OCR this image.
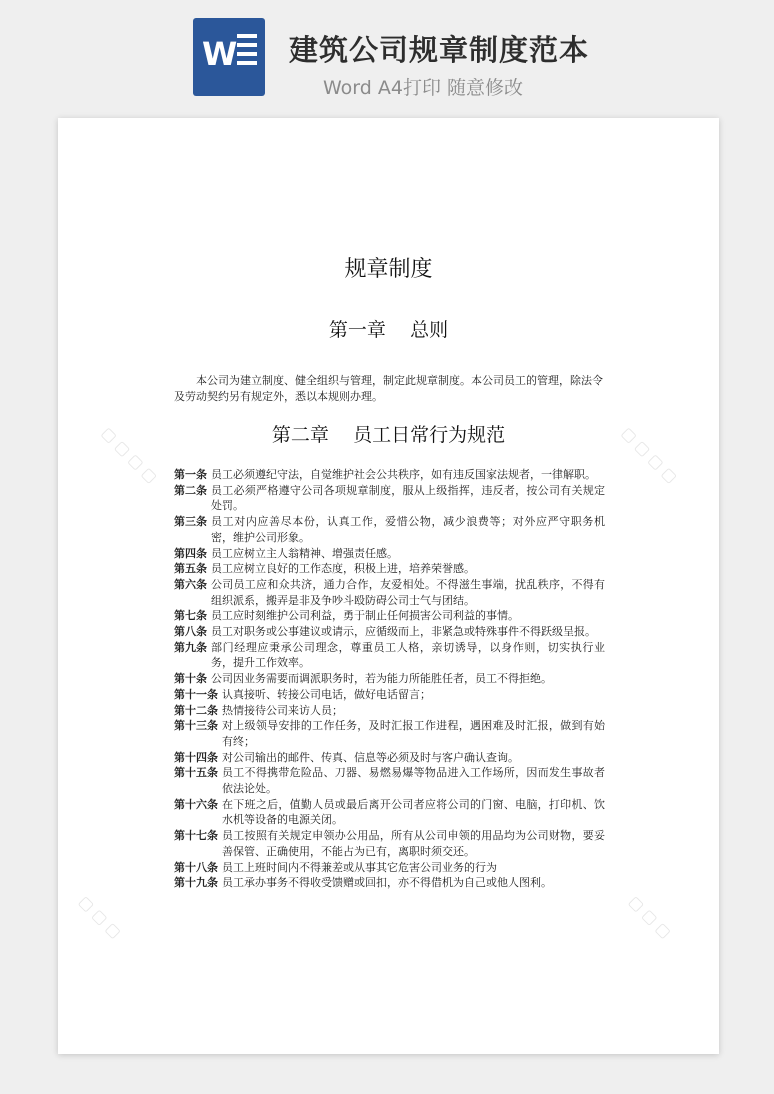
W 建筑公司规章制度范本
Word A4打印 随意修改
▢ ▢ ▢ ▢	▢ ▢ ▢ ▢
▢ ▢ ▢	▢ ▢ ▢
规章制度
第一章    总则

本公司为建立制度、健全组织与管理，制定此规章制度。本公司员工的管理，除法令及劳动契约另有规定外，悉以本规则办理。

第二章    员工日常行为规范
第一条 员工必须遵纪守法，自觉维护社会公共秩序，如有违反国家法规者，一律解职。
第二条 员工必须严格遵守公司各项规章制度，服从上级指挥，违反者，按公司有关规定处罚。
第三条 员工对内应善尽本份，认真工作，爱惜公物，减少浪费等；对外应严守职务机密，维护公司形象。
第四条 员工应树立主人翁精神、增强责任感。
第五条 员工应树立良好的工作态度，积极上进，培养荣誉感。
第六条 公司员工应和众共济，通力合作，友爱相处。不得滋生事端，扰乱秩序，不得有组织派系，搬弄是非及争吵斗殴防碍公司士气与团结。
第七条 员工应时刻维护公司利益，勇于制止任何损害公司利益的事情。
第八条 员工对职务或公事建议或请示，应循级而上，非紧急或特殊事件不得跃级呈报。
第九条 部门经理应秉承公司理念，尊重员工人格，亲切诱导，以身作则，切实执行业务，提升工作效率。
第十条 公司因业务需要而调派职务时，若为能力所能胜任者，员工不得拒绝。
第十一条 认真接听、转接公司电话，做好电话留言；
第十二条 热情接待公司来访人员；
第十三条 对上级领导安排的工作任务，及时汇报工作进程，遇困难及时汇报，做到有始有终；
第十四条 对公司输出的邮件、传真、信息等必须及时与客户确认查询。
第十五条 员工不得携带危险品、刀器、易燃易爆等物品进入工作场所，因而发生事故者依法论处。
第十六条 在下班之后，值勤人员或最后离开公司者应将公司的门窗、电脑，打印机、饮水机等设备的电源关闭。
第十七条 员工按照有关规定申领办公用品，所有从公司申领的用品均为公司财物，要妥善保管、正确使用，不能占为已有，离职时须交还。
第十八条 员工上班时间内不得兼差或从事其它危害公司业务的行为
第十九条 员工承办事务不得收受馈赠或回扣，亦不得借机为自己或他人图利。
